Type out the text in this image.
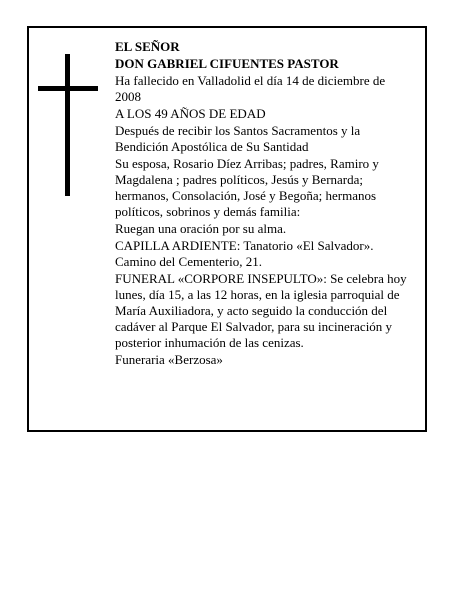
EL SEÑOR
DON GABRIEL CIFUENTES PASTOR
Ha fallecido en Valladolid el día 14 de diciembre de 2008
A LOS 49 AÑOS DE EDAD
Después de recibir los Santos Sacramentos y la Bendición Apostólica de Su Santidad
Su esposa, Rosario Díez Arribas; padres, Ramiro y Magdalena ; padres políticos, Jesús y Bernarda; hermanos, Consolación, José y Begoña; hermanos políticos, sobrinos y demás familia:
Ruegan una oración por su alma.
CAPILLA ARDIENTE: Tanatorio «El Salvador». Camino del Cementerio, 21.
FUNERAL «CORPORE INSEPULTO»: Se celebra hoy lunes, día 15, a las 12 horas, en la iglesia parroquial de María Auxiliadora, y acto seguido la conducción del cadáver al Parque El Salvador, para su incineración y posterior inhumación de las cenizas.
Funeraria «Berzosa»
